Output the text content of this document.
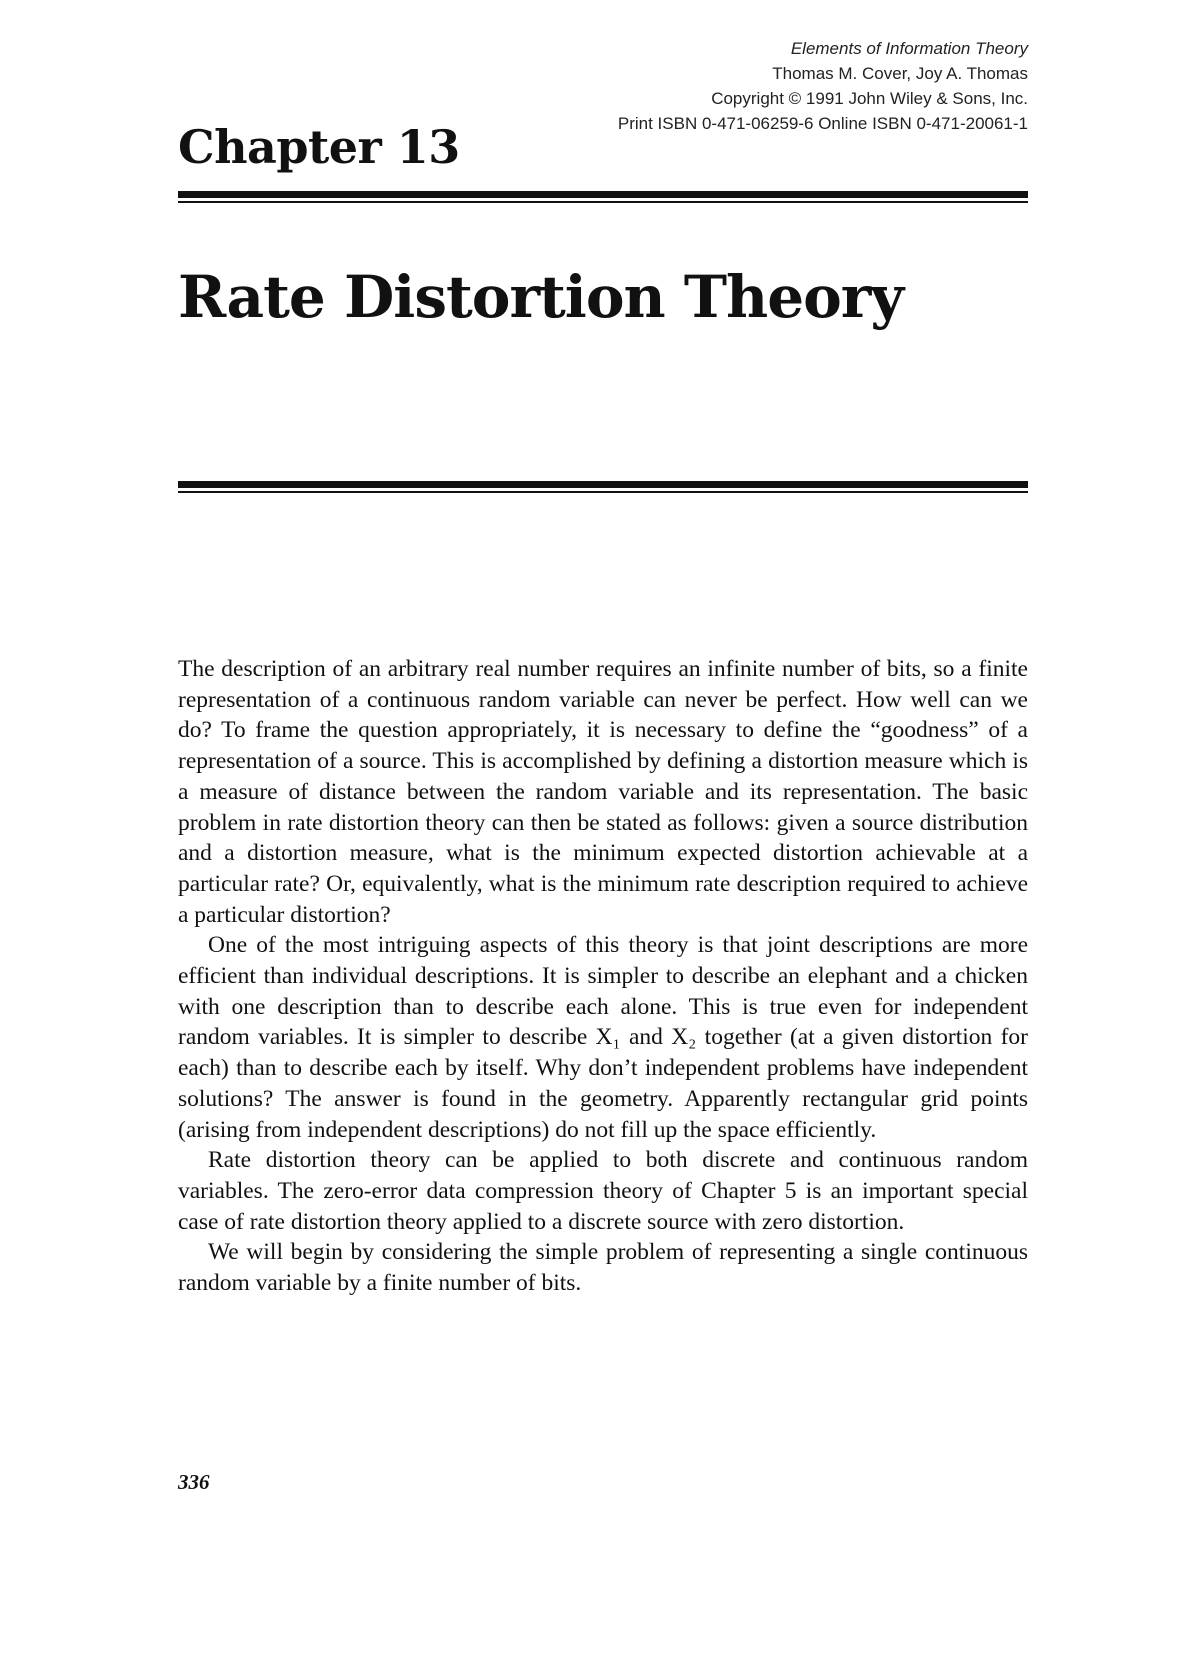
Elements of Information Theory
Thomas M. Cover, Joy A. Thomas
Copyright © 1991 John Wiley & Sons, Inc.
Print ISBN 0-471-06259-6 Online ISBN 0-471-20061-1
Chapter 13
Rate Distortion Theory

The description of an arbitrary real number requires an infinite number of bits, so a finite representation of a continuous random variable can never be perfect. How well can we do? To frame the question appropriately, it is necessary to define the “goodness” of a representation of a source. This is accomplished by defining a distortion measure which is a measure of distance between the random variable and its representation. The basic problem in rate distortion theory can then be stated as follows: given a source distribution and a distortion measure, what is the minimum expected distortion achievable at a particular rate? Or, equivalently, what is the minimum rate description required to achieve a particular distortion?

One of the most intriguing aspects of this theory is that joint descriptions are more efficient than individual descriptions. It is simpler to describe an elephant and a chicken with one description than to describe each alone. This is true even for independent random variables. It is simpler to describe X₁ and X₂ together (at a given distortion for each) than to describe each by itself. Why don’t independent problems have independent solutions? The answer is found in the geometry. Apparently rectangular grid points (arising from independent descriptions) do not fill up the space efficiently.

Rate distortion theory can be applied to both discrete and continuous random variables. The zero-error data compression theory of Chapter 5 is an important special case of rate distortion theory applied to a discrete source with zero distortion.

We will begin by considering the simple problem of representing a single continuous random variable by a finite number of bits.

336
